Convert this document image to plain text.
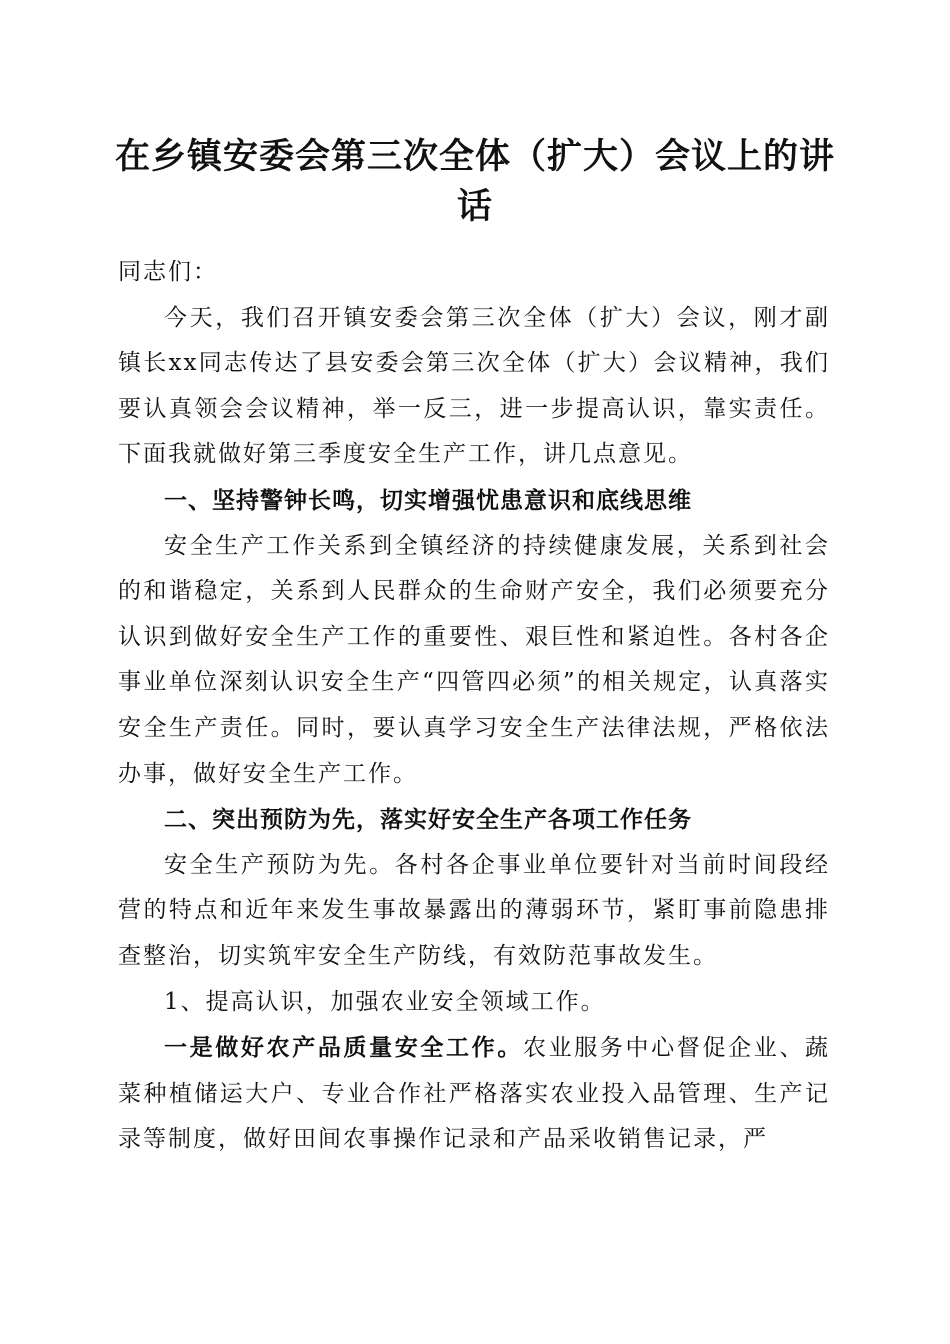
在乡镇安委会第三次全体（扩大）会议上的讲话

同志们：

今天，我们召开镇安委会第三次全体（扩大）会议，刚才副镇长xx同志传达了县安委会第三次全体（扩大）会议精神，我们要认真领会会议精神，举一反三，进一步提高认识，靠实责任。下面我就做好第三季度安全生产工作，讲几点意见。

一、坚持警钟长鸣，切实增强忧患意识和底线思维

安全生产工作关系到全镇经济的持续健康发展，关系到社会的和谐稳定，关系到人民群众的生命财产安全，我们必须要充分认识到做好安全生产工作的重要性、艰巨性和紧迫性。各村各企事业单位深刻认识安全生产“四管四必须”的相关规定，认真落实安全生产责任。同时，要认真学习安全生产法律法规，严格依法办事，做好安全生产工作。

二、突出预防为先，落实好安全生产各项工作任务

安全生产预防为先。各村各企事业单位要针对当前时间段经营的特点和近年来发生事故暴露出的薄弱环节，紧盯事前隐患排查整治，切实筑牢安全生产防线，有效防范事故发生。

1、提高认识，加强农业安全领域工作。

一是做好农产品质量安全工作。农业服务中心督促企业、蔬菜种植储运大户、专业合作社严格落实农业投入品管理、生产记录等制度，做好田间农事操作记录和产品采收销售记录，严
